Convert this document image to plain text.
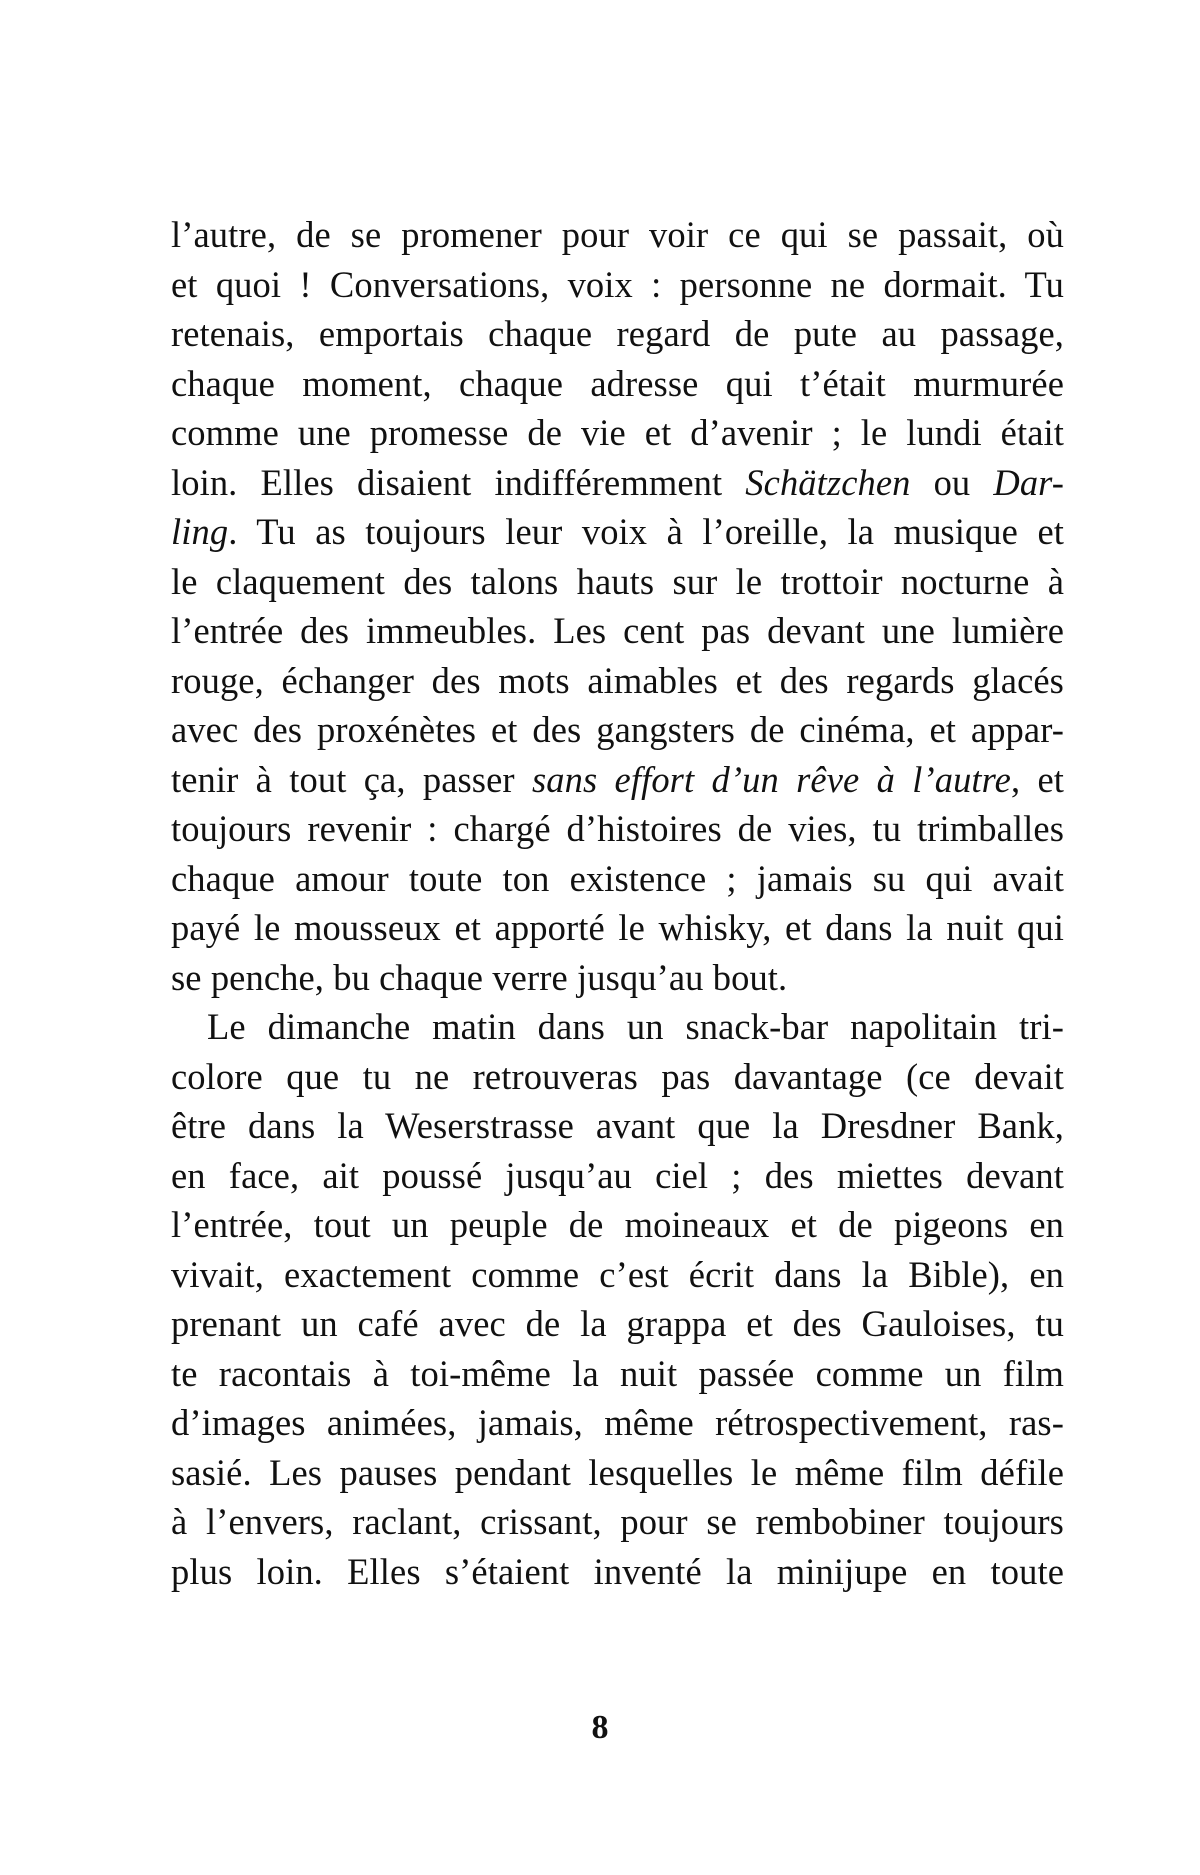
l’autre, de se promener pour voir ce qui se passait, où
et quoi ! Conversations, voix : personne ne dormait. Tu
retenais, emportais chaque regard de pute au passage,
chaque moment, chaque adresse qui t’était murmurée
comme une promesse de vie et d’avenir ; le lundi était
loin. Elles disaient indifféremment Schätzchen ou Dar-
ling. Tu as toujours leur voix à l’oreille, la musique et
le claquement des talons hauts sur le trottoir nocturne à
l’entrée des immeubles. Les cent pas devant une lumière
rouge, échanger des mots aimables et des regards glacés
avec des proxénètes et des gangsters de cinéma, et appar-
tenir à tout ça, passer sans effort d’un rêve à l’autre, et
toujours revenir : chargé d’histoires de vies, tu trimballes
chaque amour toute ton existence ; jamais su qui avait
payé le mousseux et apporté le whisky, et dans la nuit qui
se penche, bu chaque verre jusqu’au bout.
Le dimanche matin dans un snack-bar napolitain tri-
colore que tu ne retrouveras pas davantage (ce devait
être dans la Weserstrasse avant que la Dresdner Bank,
en face, ait poussé jusqu’au ciel ; des miettes devant
l’entrée, tout un peuple de moineaux et de pigeons en
vivait, exactement comme c’est écrit dans la Bible), en
prenant un café avec de la grappa et des Gauloises, tu
te racontais à toi-même la nuit passée comme un film
d’images animées, jamais, même rétrospectivement, ras-
sasié. Les pauses pendant lesquelles le même film défile
à l’envers, raclant, crissant, pour se rembobiner toujours
plus loin. Elles s’étaient inventé la minijupe en toute
8
